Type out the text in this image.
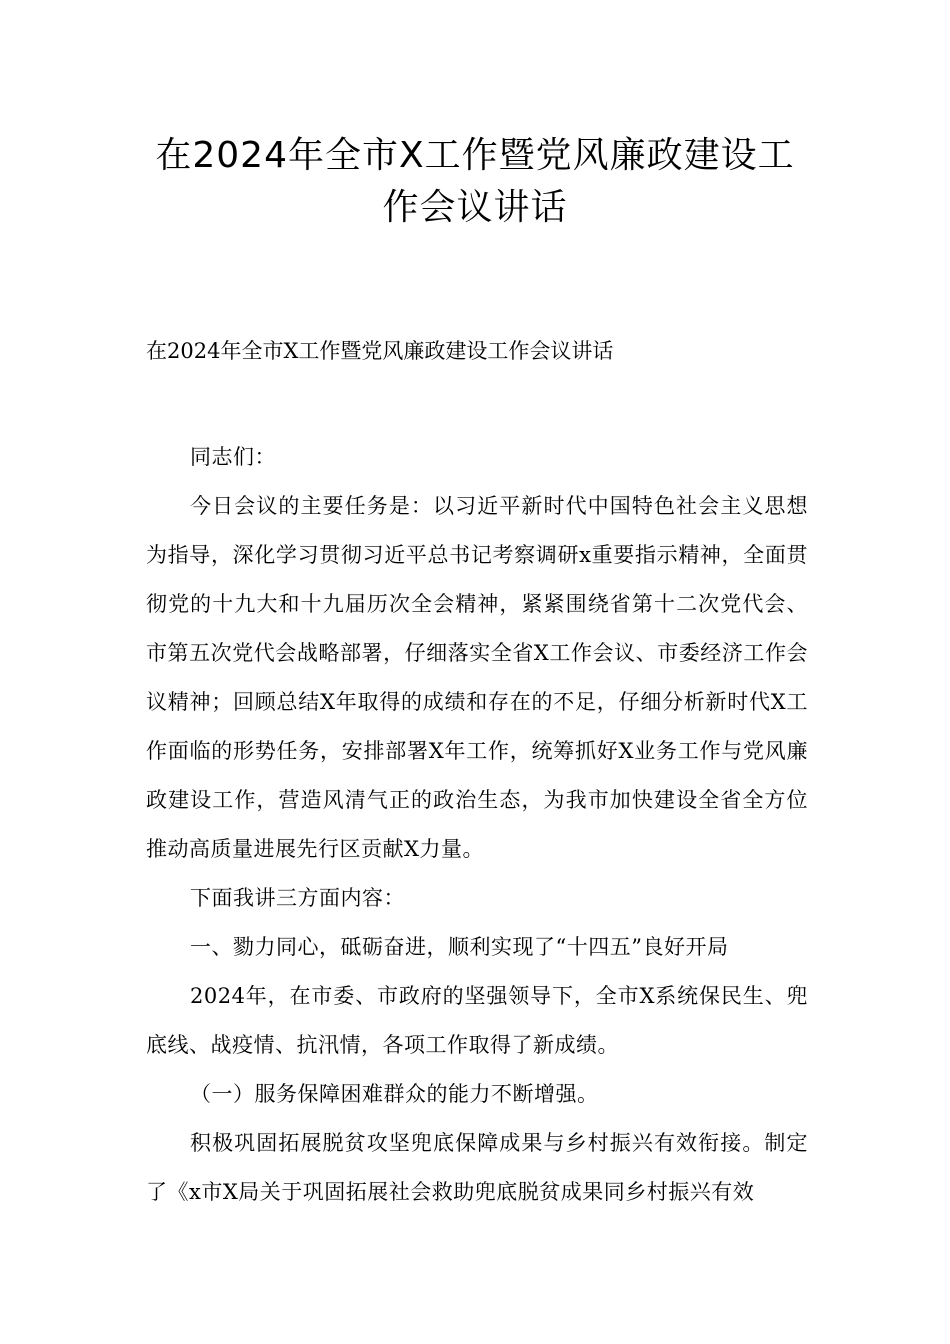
在2024年全市X工作暨党风廉政建设工
作会议讲话

在2024年全市X工作暨党风廉政建设工作会议讲话

同志们：

今日会议的主要任务是：以习近平新时代中国特色社会主义思想为指导，深化学习贯彻习近平总书记考察调研x重要指示精神，全面贯彻党的十九大和十九届历次全会精神，紧紧围绕省第十二次党代会、市第五次党代会战略部署，仔细落实全省X工作会议、市委经济工作会议精神；回顾总结X年取得的成绩和存在的不足，仔细分析新时代X工作面临的形势任务，安排部署X年工作，统筹抓好X业务工作与党风廉政建设工作，营造风清气正的政治生态，为我市加快建设全省全方位推动高质量进展先行区贡献X力量。

下面我讲三方面内容：

一、勠力同心，砥砺奋进，顺利实现了“十四五”良好开局

2024年，在市委、市政府的坚强领导下，全市X系统保民生、兜底线、战疫情、抗汛情，各项工作取得了新成绩。

（一）服务保障困难群众的能力不断增强。

积极巩固拓展脱贫攻坚兜底保障成果与乡村振兴有效衔接。制定了《x市X局关于巩固拓展社会救助兜底脱贫成果同乡村振兴有效
